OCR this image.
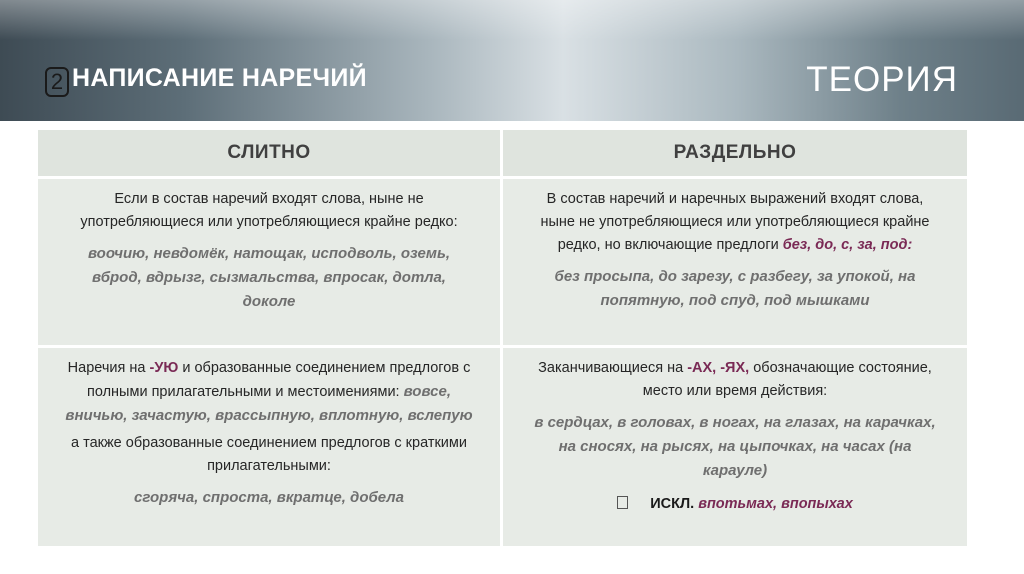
2 НАПИСАНИЕ НАРЕЧИЙ	ТЕОРИЯ
СЛИТНО	РАЗДЕЛЬНО

Если в состав наречий входят слова, ныне не употребляющиеся или употребляющиеся крайне редко:

воочию, невдомёк, натощак, исподволь, оземь, вброд, вдрызг, сызмальства, впросак, дотла, доколе

В состав наречий и наречных выражений входят слова, ныне не употребляющиеся или употребляющиеся крайне редко, но включающие предлоги без, до, с, за, под:

без просыпа, до зарезу, с разбегу, за упокой, на попятную, под спуд, под мышками

Наречия на -УЮ и образованные соединением предлогов с полными прилагательными и местоимениями: вовсе, вничью, зачастую, врассыпную, вплотную, вслепую

а также образованные соединением предлогов с краткими прилагательными:

сгоряча, спроста, вкратце, добела

Заканчивающиеся на -АХ, -ЯХ, обозначающие состояние, место или время действия:

в сердцах, в головах, в ногах, на глазах, на карачках, на сносях, на рысях, на цыпочках, на часах (на карауле)

ИСКЛ. впотьмах, впопыхах
